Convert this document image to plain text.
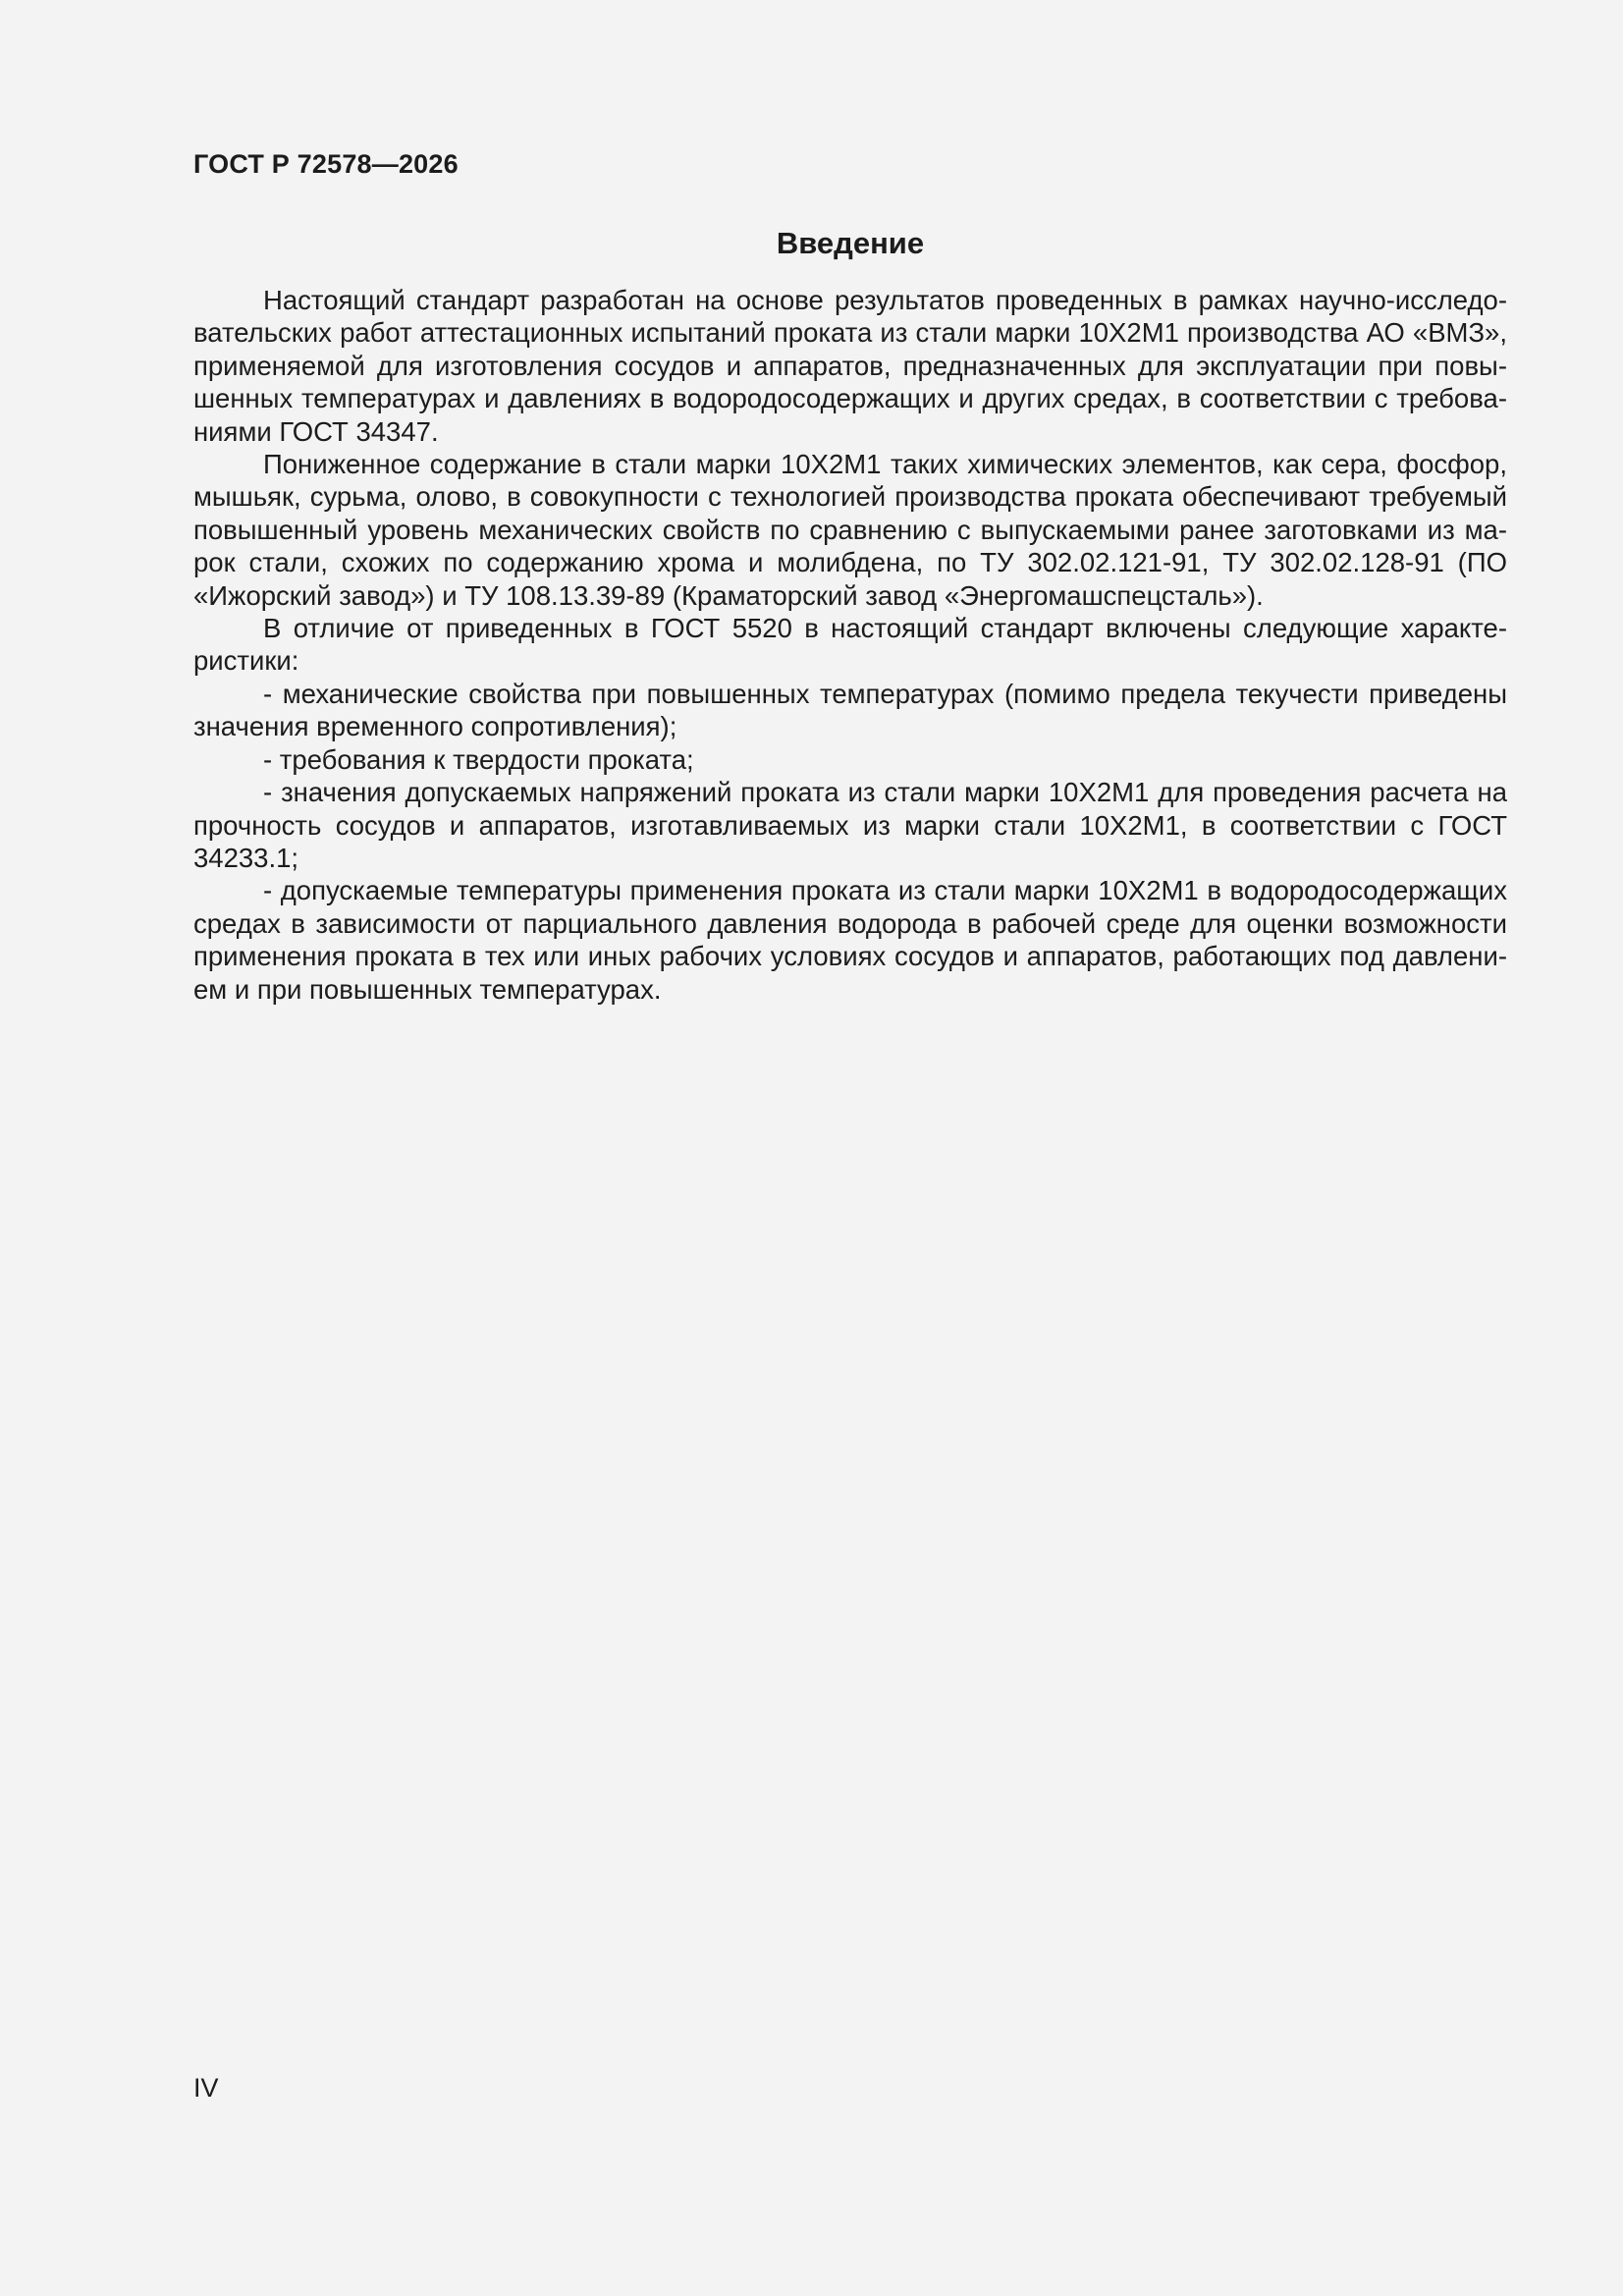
ГОСТ Р 72578—2026
Введение

Настоящий стандарт разработан на основе результатов проведенных в рамках научно-исследовательских работ аттестационных испытаний проката из стали марки 10Х2М1 производства АО «ВМЗ», применяемой для изготовления сосудов и аппаратов, предназначенных для эксплуатации при повышенных температурах и давлениях в водородосодержащих и других средах, в соответствии с требованиями ГОСТ 34347.

Пониженное содержание в стали марки 10Х2М1 таких химических элементов, как сера, фосфор, мышьяк, сурьма, олово, в совокупности с технологией производства проката обеспечивают требуемый повышенный уровень механических свойств по сравнению с выпускаемыми ранее заготовками из марок стали, схожих по содержанию хрома и молибдена, по ТУ 302.02.121-91, ТУ 302.02.128-91 (ПО «Ижорский завод») и ТУ 108.13.39-89 (Краматорский завод «Энергомашспецсталь»).

В отличие от приведенных в ГОСТ 5520 в настоящий стандарт включены следующие характеристики:

- механические свойства при повышенных температурах (помимо предела текучести приведены значения временного сопротивления);

- требования к твердости проката;

- значения допускаемых напряжений проката из стали марки 10Х2М1 для проведения расчета на прочность сосудов и аппаратов, изготавливаемых из марки стали 10Х2М1, в соответствии с ГОСТ 34233.1;

- допускаемые температуры применения проката из стали марки 10Х2М1 в водородосодержащих средах в зависимости от парциального давления водорода в рабочей среде для оценки возможности применения проката в тех или иных рабочих условиях сосудов и аппаратов, работающих под давлением и при повышенных температурах.

IV
